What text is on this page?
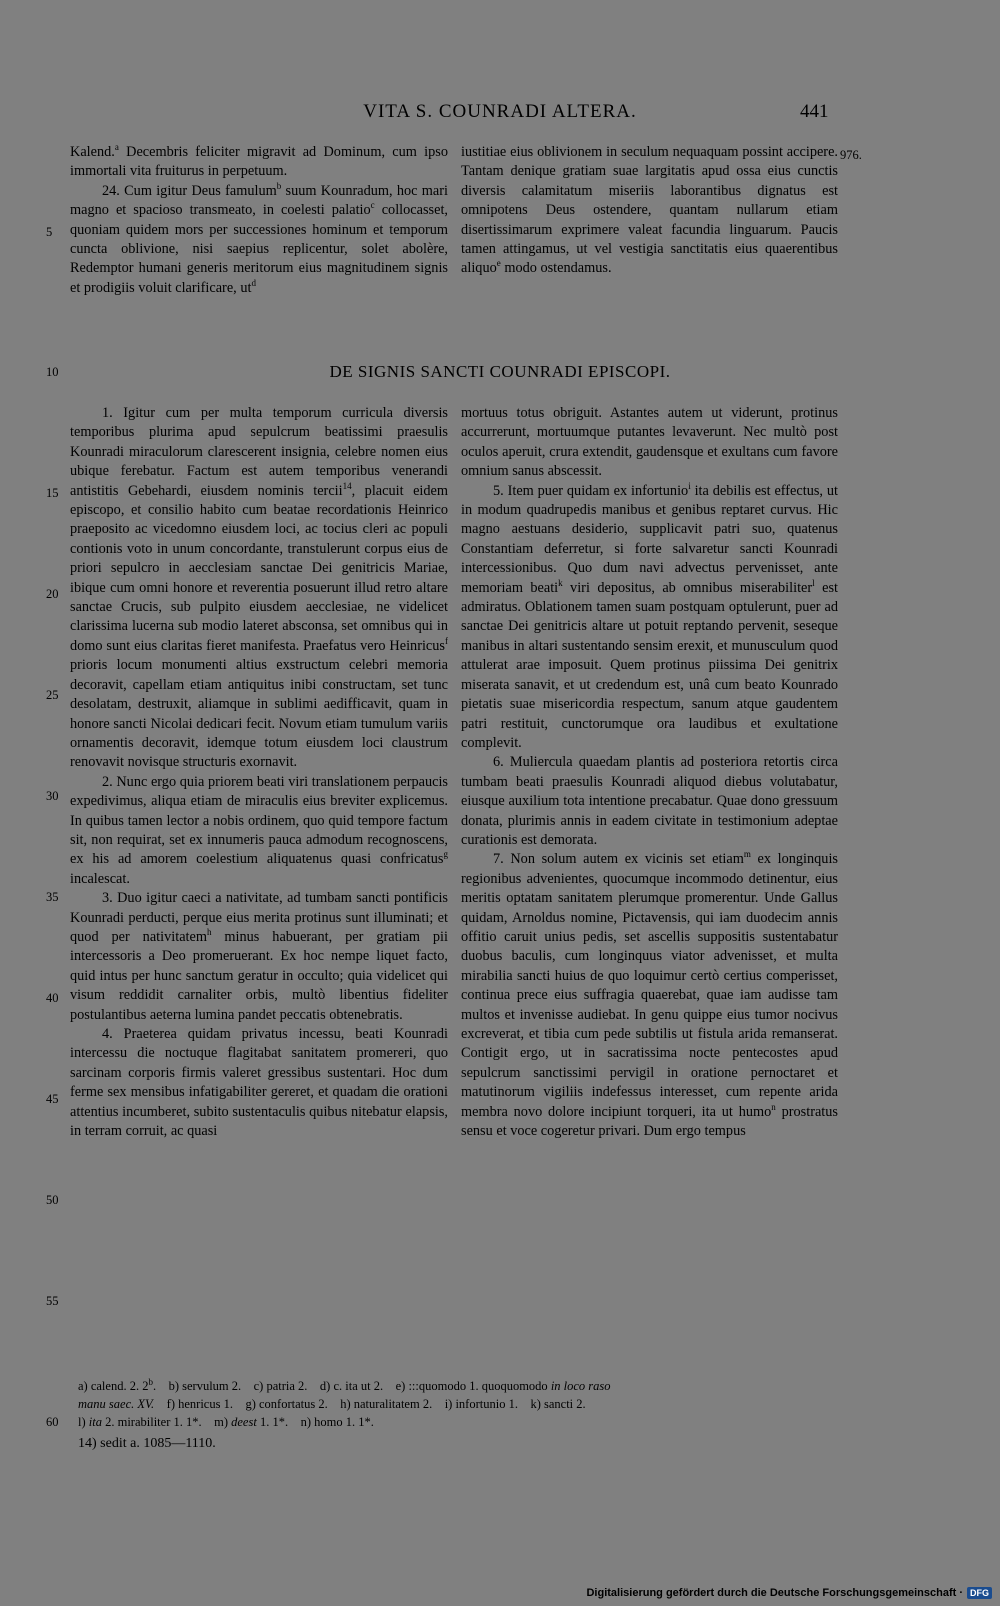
VITA S. COUNRADI ALTERA.	441

Kalend.$^a$ Decembris feliciter migravit ad Dominum, cum ipso immortali vita fruiturus in perpetuum.

24. Cum igitur Deus famulum$^b$ suum Kounradum, hoc mari magno et spacioso transmeato, in coelesti palatio$^c$ collocasset, quoniam quidem mors per successiones hominum et temporum cuncta oblivione, nisi saepius replicentur, solet abolère, Redemptor humani generis meritorum eius magnitudinem signis et prodigiis voluit clarificare, $ut^d$

iustitiae eius oblivionem in seculum nequaquam possint accipere. Tantam denique gratiam suae largitatis apud ossa eius cunctis diversis calamitatum miseriis laborantibus dignatus est omnipotens Deus ostendere, quantam nullarum etiam disertissimarum exprimere valeat facundia linguarum. Paucis tamen attingamus, ut vel vestigia sanctitatis eius quaerentibus aliquo$^e$ modo ostendamus.

976.
5
10	DE SIGNIS SANCTI COUNRADI EPISCOPI.

1. Igitur cum per multa temporum curricula diversis temporibus plurima apud sepulcrum beatissimi praesulis Kounradi miraculorum clarescerent insignia, celebre nomen eius ubique ferebatur. Factum est autem temporibus venerandi antistitis Gebehardi, eiusdem nominis tercii$^{14}$, placuit eidem episcopo, et consilio habito cum beatae recordationis Heinrico praeposito ac vicedomno eiusdem loci, ac tocius cleri ac populi contionis voto in unum concordante, transtulerunt corpus eius de priori sepulcro in aecclesiam sanctae Dei genitricis Mariae, ibique cum omni honore et reverentia posuerunt illud retro altare sanctae Crucis, sub pulpito eiusdem aecclesiae, ne videlicet clarissima lucerna sub modio lateret absconsa, set omnibus qui in domo sunt eius claritas fieret manifesta. Praefatus vero Heinricus$^f$ prioris locum monumenti altius exstructum celebri memoria decoravit, capellam etiam antiquitus inibi constructam, set tunc desolatam, destruxit, aliamque in sublimi aedifficavit, quam in honore sancti Nicolai dedicari fecit. Novum etiam tumulum variis ornamentis decoravit, idemque totum eiusdem loci claustrum renovavit novisque structuris exornavit.

2. Nunc ergo quia priorem beati viri translationem perpaucis expedivimus, aliqua etiam de miraculis eius breviter explicemus. In quibus tamen lector a nobis ordinem, quo quid tempore factum sit, non requirat, set ex innumeris pauca admodum recognoscens, ex his ad amorem coelestium aliquatenus quasi confricatus$^g$ incalescat.

3. Duo igitur caeci a nativitate, ad tumbam sancti pontificis Kounradi perducti, perque eius merita protinus sunt illuminati; et quod per nativitatem$^h$ minus habuerant, per gratiam pii intercessoris a Deo promeruerant. Ex hoc nempe liquet facto, quid intus per hunc sanctum geratur in occulto; quia videlicet qui visum reddidit carnaliter orbis, multò libentius fideliter postulantibus aeterna lumina pandet peccatis obtenebratis.

4. Praeterea quidam privatus incessu, beati Kounradi intercessu die noctuque flagitabat sanitatem promereri, quo sarcinam corporis firmis valeret gressibus sustentari. Hoc dum ferme sex mensibus infatigabiliter gereret, et quadam die orationi attentius incumberet, subito sustentaculis quibus nitebatur elapsis, in terram corruit, ac quasi

mortuus totus obriguit. Astantes autem ut viderunt, protinus accurrerunt, mortuumque putantes levaverunt. Nec multò post oculos aperuit, crura extendit, gaudensque et exultans cum favore omnium sanus abscessit.

5. Item puer quidam ex infortunio$^i$ ita debilis est effectus, ut in modum quadrupedis manibus et genibus reptaret curvus. Hic magno aestuans desiderio, supplicavit patri suo, quatenus Constantiam deferretur, si forte salvaretur sancti Kounradi intercessionibus. Quo dum navi advectus pervenisset, ante memoriam beati$^k$ viri depositus, ab omnibus miserabiliter$^l$ est admiratus. Oblationem tamen suam postquam optulerunt, puer ad sanctae Dei genitricis altare ut potuit reptando pervenit, seseque manibus in altari sustentando sensim erexit, et munusculum quod attulerat arae imposuit. Quem protinus piissima Dei genitrix miserata sanavit, et ut credendum est, unâ cum beato Kounrado pietatis suae misericordia respectum, sanum atque gaudentem patri restituit, cunctorumque ora laudibus et exultatione complevit.

6. Muliercula quaedam plantis ad posteriora retortis circa tumbam beati praesulis Kounradi aliquod diebus volutabatur, eiusque auxilium tota intentione precabatur. Quae dono gressuum donata, plurimis annis in eadem civitate in testimonium adeptae curationis est demorata.

7. Non solum autem ex vicinis set etiam$^m$ ex longinquis regionibus advenientes, quocumque incommodo detinentur, eius meritis optatam sanitatem plerumque promerentur. Unde Gallus quidam, Arnoldus nomine, Pictavensis, qui iam duodecim annis offitio caruit unius pedis, set ascellis suppositis sustentabatur duobus baculis, cum longinquus viator advenisset, et multa mirabilia sancti huius de quo loquimur certò certius comperisset, continua prece eius suffragia quaerebat, quae iam audisse tam multos et invenisse audiebat. In genu quippe eius tumor nocivus excreverat, et tibia cum pede subtilis ut fistula arida remanserat. Contigit ergo, ut in sacratissima nocte pentecostes apud sepulcrum sanctissimi pervigil in oratione pernoctaret et matutinorum vigiliis indefessus interesset, cum repente arida membra novo dolore incipiunt torqueri, ita ut humo$^n$ prostratus sensu et voce cogeretur privari. Dum ergo tempus

15
20
25
30
35
40
45
50
55
60
a) calend. 2. 2$^b$.    b) servulum 2.    c) patria 2.    d) c. ita ut 2.    e) :::quomodo 1. quoquomodo in loco raso
manu saec. XV.    f) henricus 1.    g) confortatus 2.    h) naturalitatem 2.    i) infortunio 1.    k) sancti 2.
l) ita 2. mirabiliter 1. 1*.    m) deest 1. 1*.    n) homo 1. 1*.
14) sedit a. 1085—1110.
Digitalisierung gefördert durch die Deutsche Forschungsgemeinschaft · DFG
